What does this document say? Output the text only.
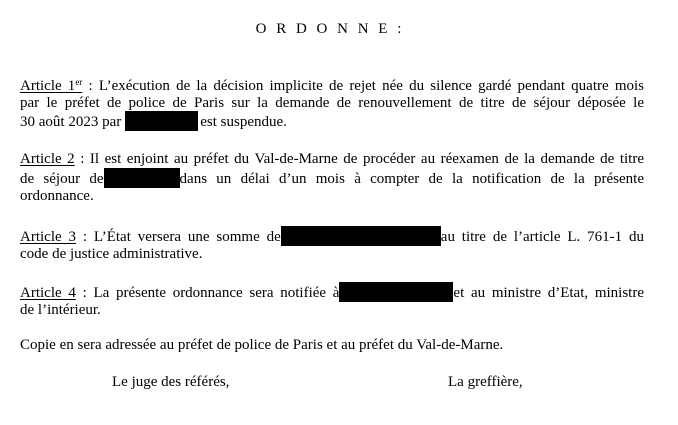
O R D O N N E :
Article 1er : L’exécution de la décision implicite de rejet née du silence gardé pendant quatre mois
par le préfet de police de Paris sur la demande de renouvellement de titre de séjour déposée le
30 août 2023 par	est suspendue.
Article 2 : Il est enjoint au préfet du Val-de-Marne de procéder au réexamen de la demande de titre
de séjour de	dans un délai d’un mois à compter de la notification de la présente
ordonnance.
Article 3 : L’État versera une somme de	au titre de l’article L. 761-1 du
code de justice administrative.
Article 4 : La présente ordonnance sera notifiée à	et au ministre d’Etat, ministre
de l’intérieur.
Copie en sera adressée au préfet de police de Paris et au préfet du Val-de-Marne.
Le juge des référés,	La greffière,
